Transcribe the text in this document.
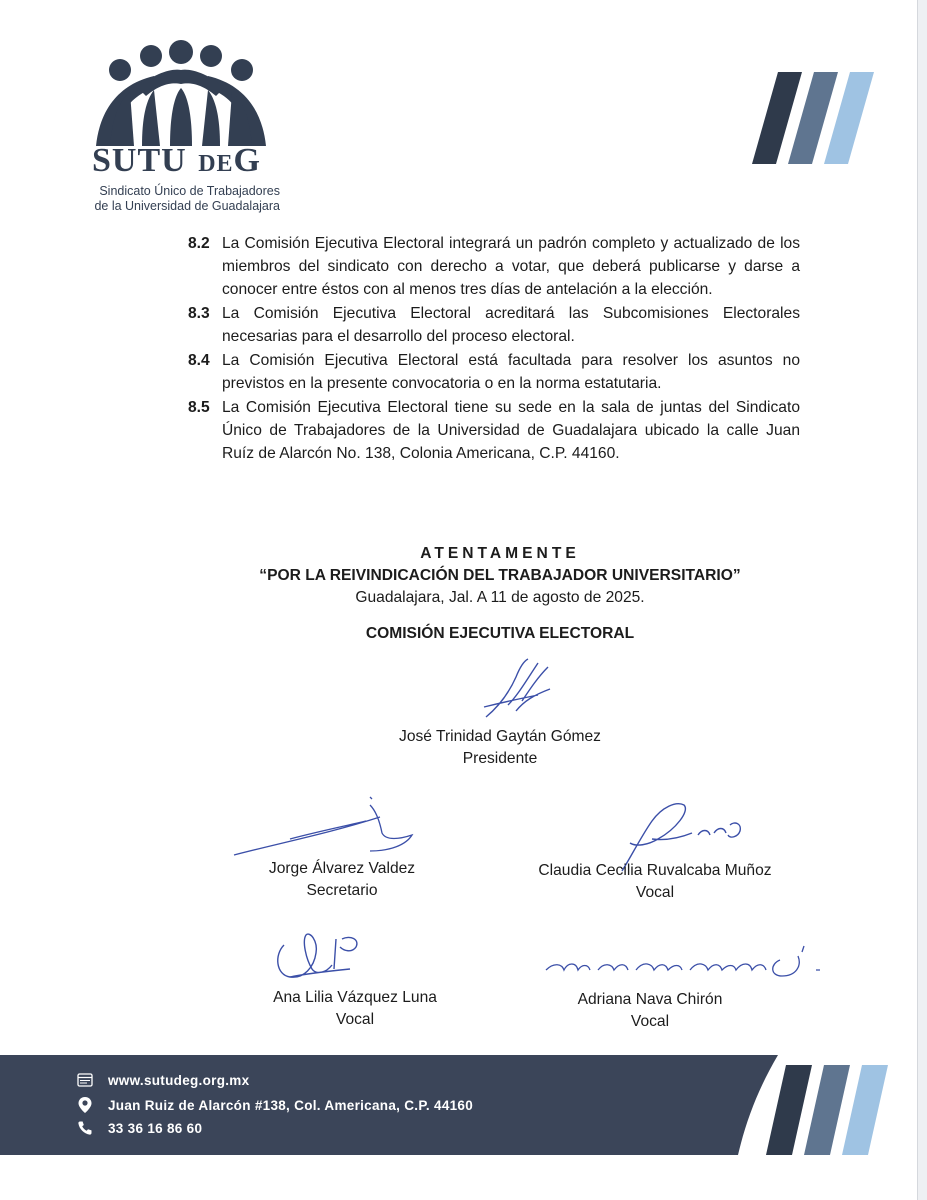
SUTU DEG
Sindicato Único de Trabajadores
de la Universidad de Guadalajara
8.2 La Comisión Ejecutiva Electoral integrará un padrón completo y actualizado de los miembros del sindicato con derecho a votar, que deberá publicarse y darse a conocer entre éstos con al menos tres días de antelación a la elección.
8.3 La Comisión Ejecutiva Electoral acreditará las Subcomisiones Electorales necesarias para el desarrollo del proceso electoral.
8.4 La Comisión Ejecutiva Electoral está facultada para resolver los asuntos no previstos en la presente convocatoria o en la norma estatutaria.
8.5 La Comisión Ejecutiva Electoral tiene su sede en la sala de juntas del Sindicato Único de Trabajadores de la Universidad de Guadalajara ubicado la calle Juan Ruíz de Alarcón No. 138, Colonia Americana, C.P. 44160.
ATENTAMENTE
“POR LA REIVINDICACIÓN DEL TRABAJADOR UNIVERSITARIO”
Guadalajara, Jal. A 11 de agosto de 2025.
COMISIÓN EJECUTIVA ELECTORAL
José Trinidad Gaytán Gómez
Presidente
Jorge Álvarez Valdez
Secretario
Claudia Cecilia Ruvalcaba Muñoz
Vocal
Ana Lilia Vázquez Luna
Vocal
Adriana Nava Chirón
Vocal
www.sutudeg.org.mx
Juan Ruiz de Alarcón #138, Col. Americana, C.P. 44160
33 36 16 86 60
